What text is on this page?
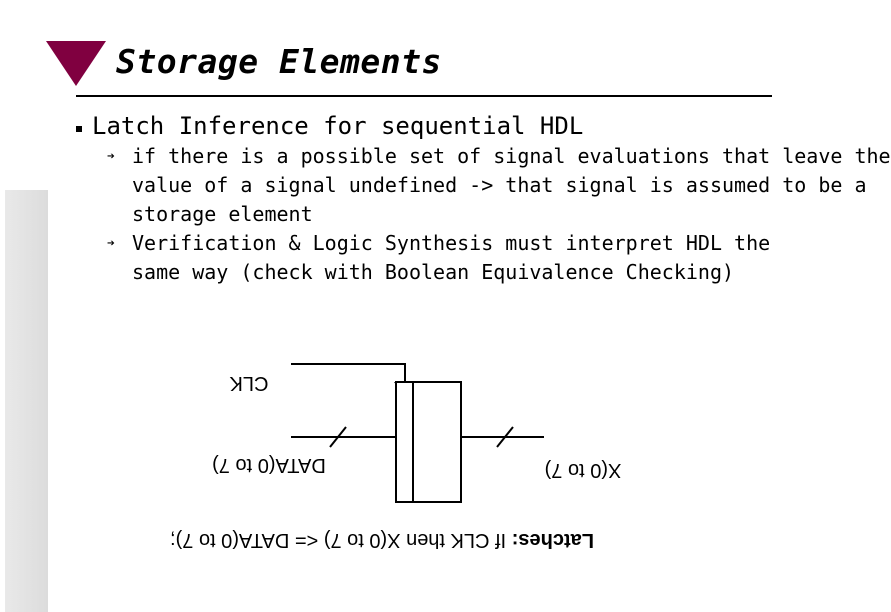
Storage Elements
Latch Inference for sequential HDL
➔ if there is a possible set of signal evaluations that leave the
value of a signal undefined -> that signal is assumed to be a
storage element
➔ Verification & Logic Synthesis must interpret HDL the
same way (check with Boolean Equivalence Checking)
CLK
DATA(0 to 7)	X(0 to 7)
Latches: If CLK then X(0 to 7) <= DATA(0 to 7);
